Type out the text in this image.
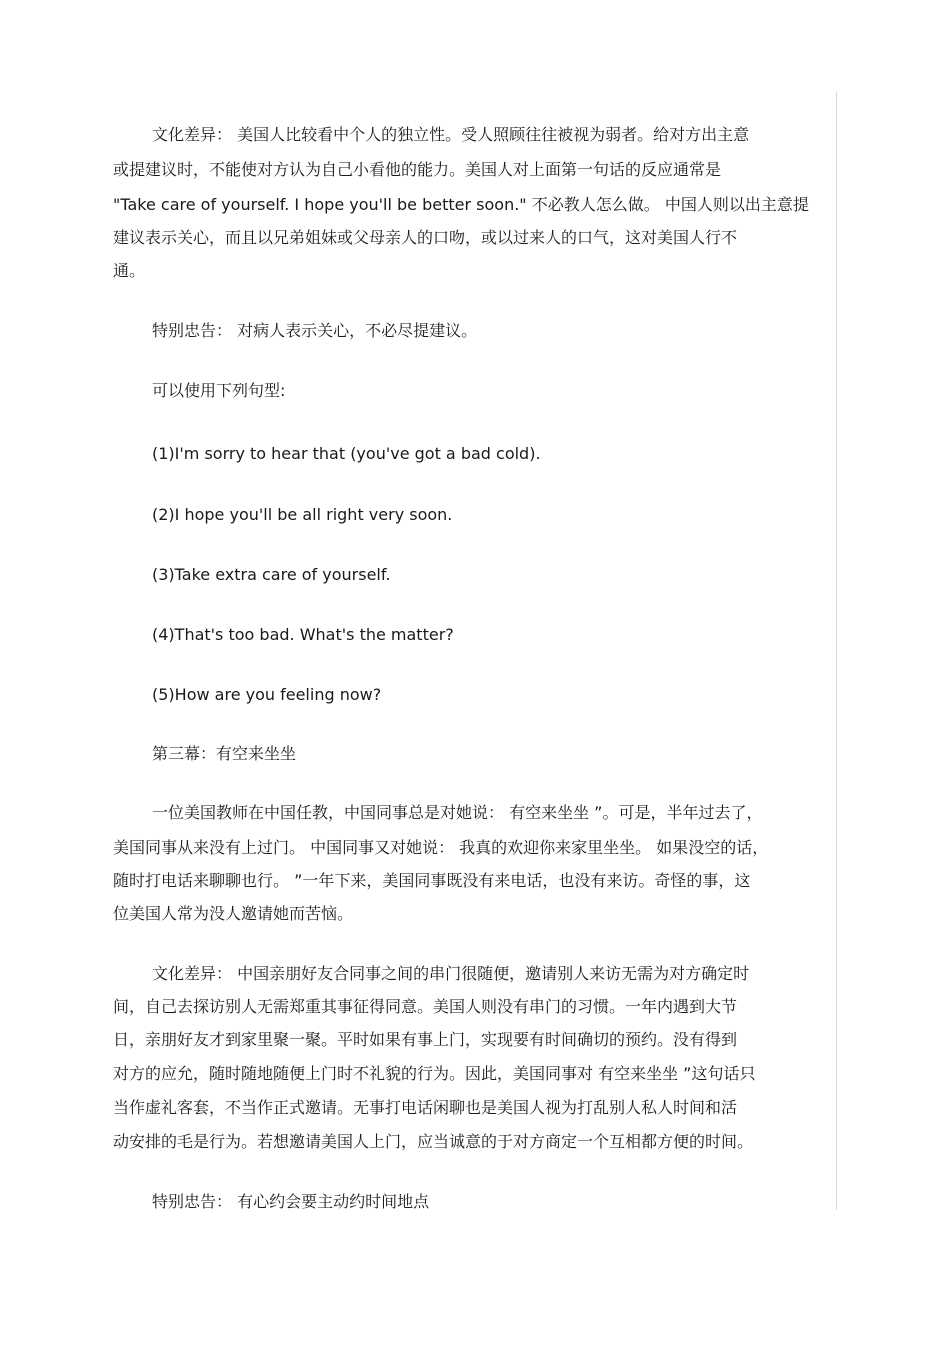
文化差异： 美国人比较看中个人的独立性。受人照顾往往被视为弱者。给对方出主意
或提建议时，不能使对方认为自己小看他的能力。美国人对上面第一句话的反应通常是
"Take care of yourself. I hope you'll be better soon." 不必教人怎么做。 中国人则以出主意提
建议表示关心，而且以兄弟姐妹或父母亲人的口吻，或以过来人的口气，这对美国人行不
通。
特别忠告： 对病人表示关心，不必尽提建议。
可以使用下列句型:
(1)I'm sorry to hear that (you've got a bad cold).
(2)I hope you'll be all right very soon.
(3)Take extra care of yourself.
(4)That's too bad. What's the matter?
(5)How are you feeling now?
第三幕：有空来坐坐
一位美国教师在中国任教，中国同事总是对她说： 有空来坐坐 ”。可是，半年过去了，
美国同事从来没有上过门。 中国同事又对她说： 我真的欢迎你来家里坐坐。 如果没空的话，
随时打电话来聊聊也行。 ”一年下来，美国同事既没有来电话，也没有来访。奇怪的事，这
位美国人常为没人邀请她而苦恼。
文化差异： 中国亲朋好友合同事之间的串门很随便，邀请别人来访无需为对方确定时
间，自己去探访别人无需郑重其事征得同意。美国人则没有串门的习惯。一年内遇到大节
日，亲朋好友才到家里聚一聚。平时如果有事上门，实现要有时间确切的预约。没有得到
对方的应允，随时随地随便上门时不礼貌的行为。因此，美国同事对 有空来坐坐 ”这句话只
当作虚礼客套，不当作正式邀请。无事打电话闲聊也是美国人视为打乱别人私人时间和活
动安排的毛是行为。若想邀请美国人上门，应当诚意的于对方商定一个互相都方便的时间。
特别忠告： 有心约会要主动约时间地点
